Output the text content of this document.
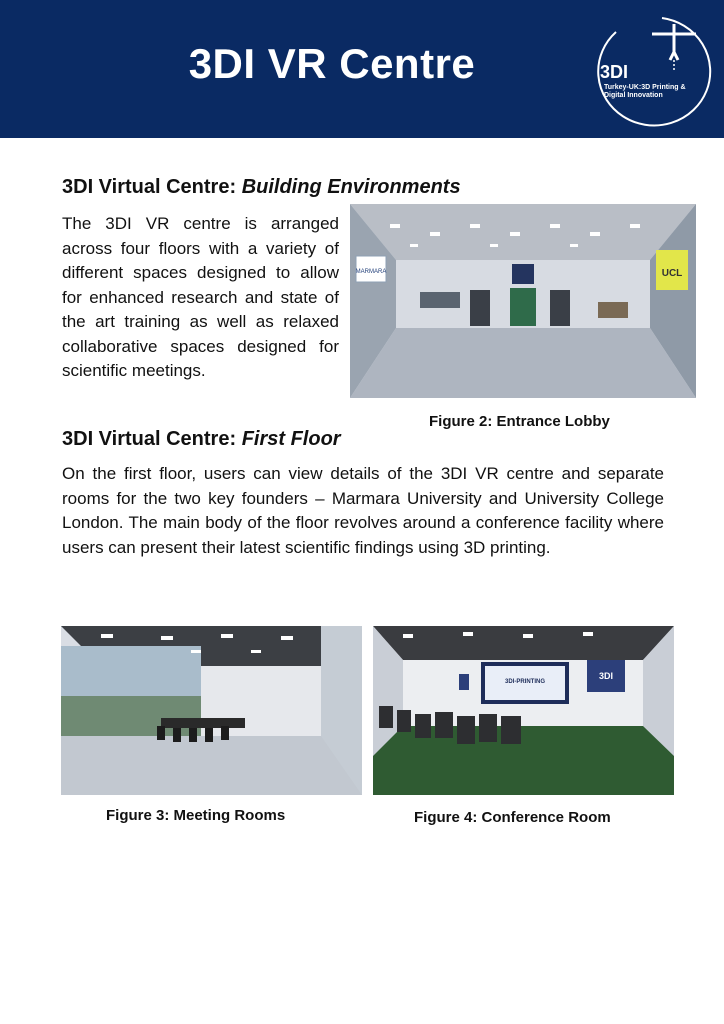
3DI VR Centre	3DI
Turkey-UK:3D Printing & Digital Innovation
3DI Virtual Centre: Building Environments
The 3DI VR centre is arranged across four floors with a variety of different spaces designed to allow for enhanced research and state of the art training as well as relaxed collaborative spaces designed for scientific meetings.
MARMARA	UCL
Figure 2: Entrance Lobby
3DI Virtual Centre: First Floor
On the first floor, users can view details of the 3DI VR centre and separate rooms for the two key founders – Marmara University and University College London. The main body of the floor revolves around a conference facility where users can present their latest scientific findings using 3D printing.
Figure 3: Meeting Rooms
3DI-PRINTING
3DI
Figure 4: Conference Room
